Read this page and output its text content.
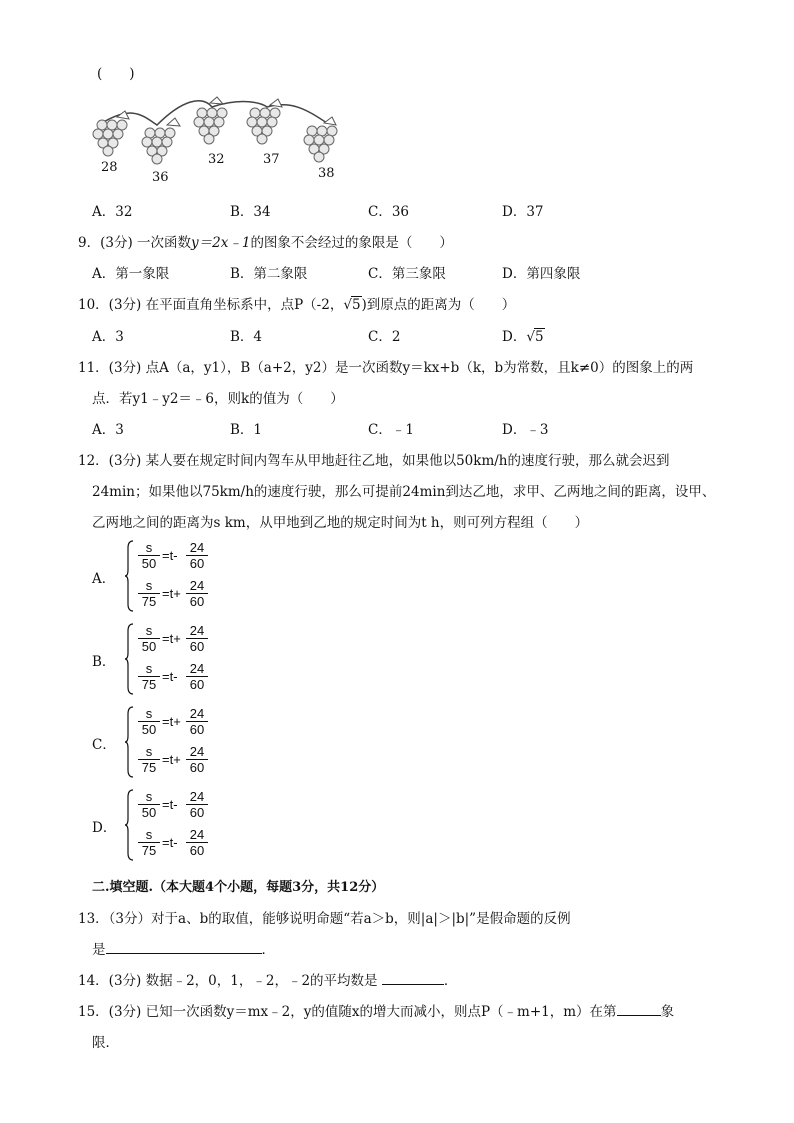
(　　)
28
36
32	37
38
A．32	B．34	C．36	D．37
9．(3分) 一次函数y＝2x﹣1的图象不会经过的象限是（　　）
A．第一象限	B．第二象限	C．第三象限	D．第四象限
10．(3分) 在平面直角坐标系中，点P（-2，√5)到原点的距离为（　　）
A．3	B．4	C．2	D．√5
11．(3分) 点A（a，y1），B（a+2，y2）是一次函数y＝kx+b（k，b为常数，且k≠0）的图象上的两
点．若y1﹣y2＝﹣6，则k的值为（　　）
A．3	B．1	C．﹣1	D．﹣3
12．(3分) 某人要在规定时间内驾车从甲地赶往乙地，如果他以50km/h的速度行驶，那么就会迟到
24min；如果他以75km/h的速度行驶，那么可提前24min到达乙地，求甲、乙两地之间的距离，设甲、
乙两地之间的距离为s km，从甲地到乙地的规定时间为t h，则可列方程组（　　）
A．
$\frac{s}{50} =t- \frac{24}{60}$
$\frac{s}{75} =t+ \frac{24}{60}$
B．
$\frac{s}{50} =t+ \frac{24}{60}$
$\frac{s}{75} =t- \frac{24}{60}$
C．
$\frac{s}{50} =t+ \frac{24}{60}$
$\frac{s}{75} =t+ \frac{24}{60}$
D．
$\frac{s}{50} =t- \frac{24}{60}$
$\frac{s}{75} =t- \frac{24}{60}$
二.填空题.（本大题4个小题，每题3分，共12分）
13．（3分）对于a、b的取值，能够说明命题“若a＞b，则|a|＞|b|”是假命题的反例
是	．
14．(3分) 数据﹣2，0，1，﹣2，﹣2的平均数是	．
15．(3分) 已知一次函数y＝mx﹣2，y的值随x的增大而减小，则点P（﹣m+1，m）在第	象
限．
